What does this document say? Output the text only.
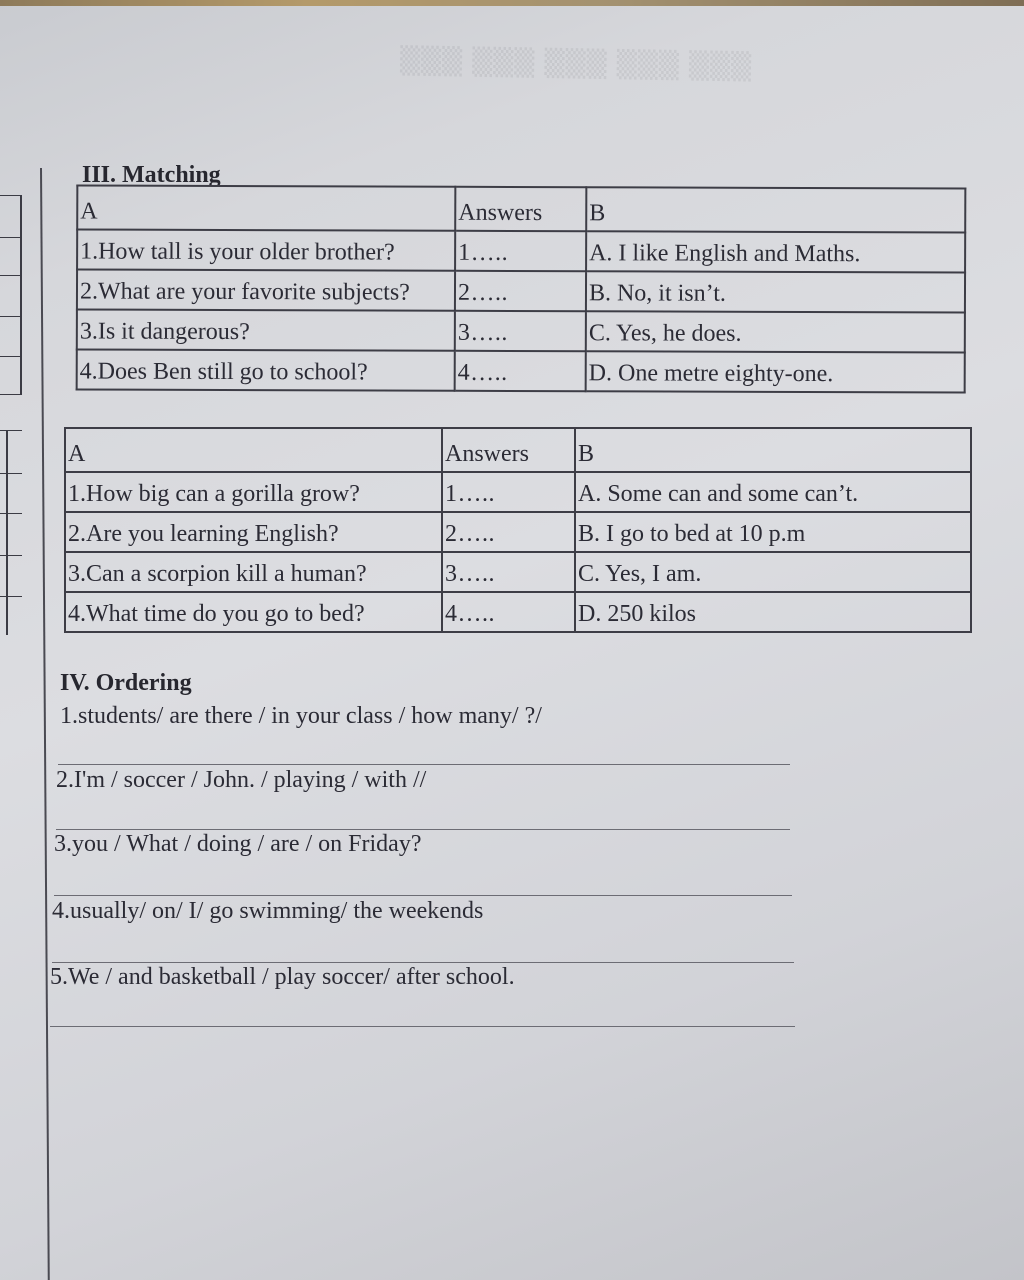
▒▒▒ ▒▒▒ ▒▒▒ ▒▒▒ ▒▒▒
III. Matching
A	Answers	B
1.How tall is your older brother?	1…..	A. I like English and Maths.
2.What are your favorite subjects?	2…..	B. No, it isn’t.
3.Is it dangerous?	3…..	C. Yes, he does.
4.Does Ben still go to school?	4…..	D. One metre eighty-one.
A	Answers	B
1.How big can a gorilla grow?	1…..	A. Some can and some can’t.
2.Are you learning English?	2…..	B. I go to bed at 10 p.m
3.Can a scorpion kill a human?	3…..	C. Yes, I am.
4.What time do you go to bed?	4…..	D. 250 kilos
IV. Ordering
1.students/ are there / in your class / how many/ ?/
2.I'm / soccer / John. / playing / with //
3.you / What / doing / are / on Friday?
4.usually/ on/ I/ go swimming/ the weekends
5.We / and basketball / play soccer/ after school.
